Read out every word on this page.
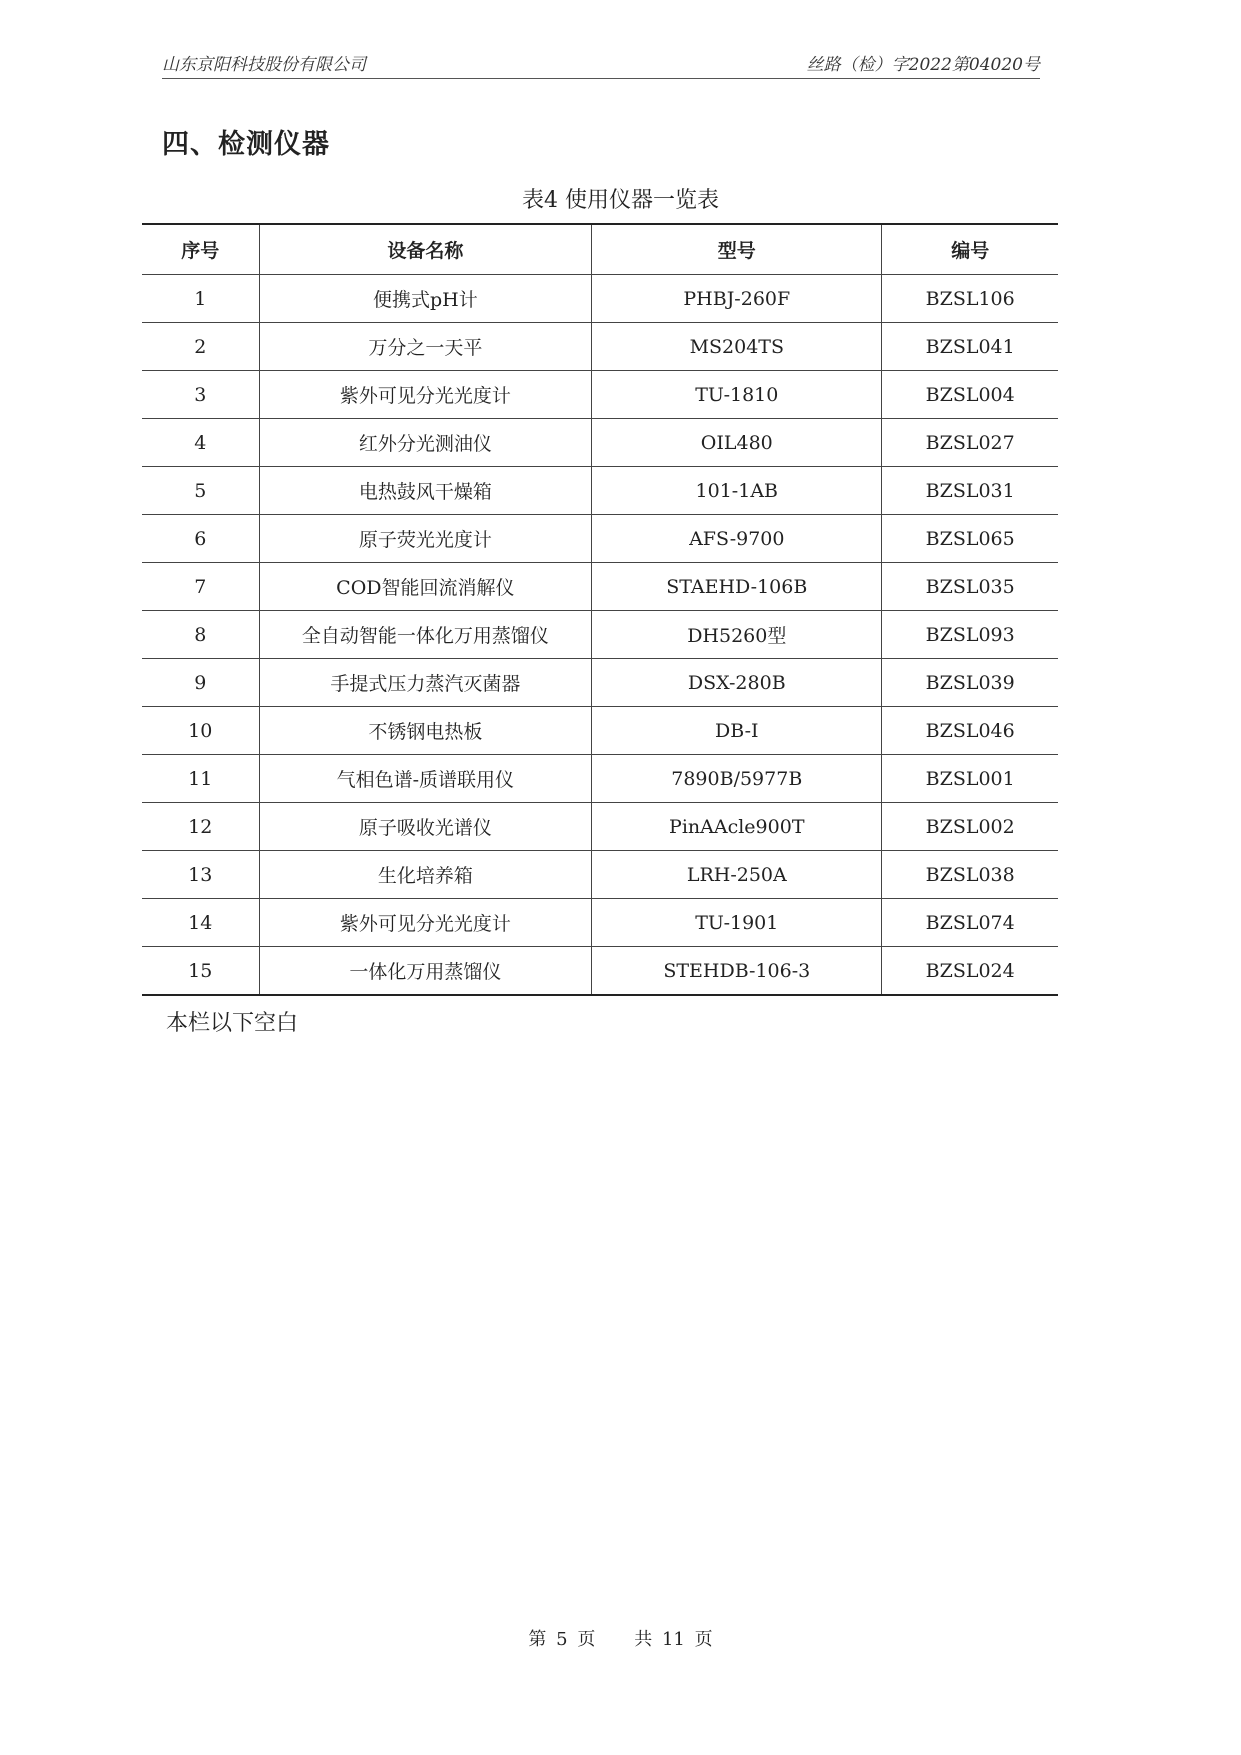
山东京阳科技股份有限公司	丝路（检）字2022第04020号
四、检测仪器
表4 使用仪器一览表
序号	设备名称	型号	编号
1	便携式pH计	PHBJ-260F	BZSL106
2	万分之一天平	MS204TS	BZSL041
3	紫外可见分光光度计	TU-1810	BZSL004
4	红外分光测油仪	OIL480	BZSL027
5	电热鼓风干燥箱	101-1AB	BZSL031
6	原子荧光光度计	AFS-9700	BZSL065
7	COD智能回流消解仪	STAEHD-106B	BZSL035
8	全自动智能一体化万用蒸馏仪	DH5260型	BZSL093
9	手提式压力蒸汽灭菌器	DSX-280B	BZSL039
10	不锈钢电热板	DB-I	BZSL046
11	气相色谱-质谱联用仪	7890B/5977B	BZSL001
12	原子吸收光谱仪	PinAAcle900T	BZSL002
13	生化培养箱	LRH-250A	BZSL038
14	紫外可见分光光度计	TU-1901	BZSL074
15	一体化万用蒸馏仪	STEHDB-106-3	BZSL024
本栏以下空白
第 5 页 共 11 页
